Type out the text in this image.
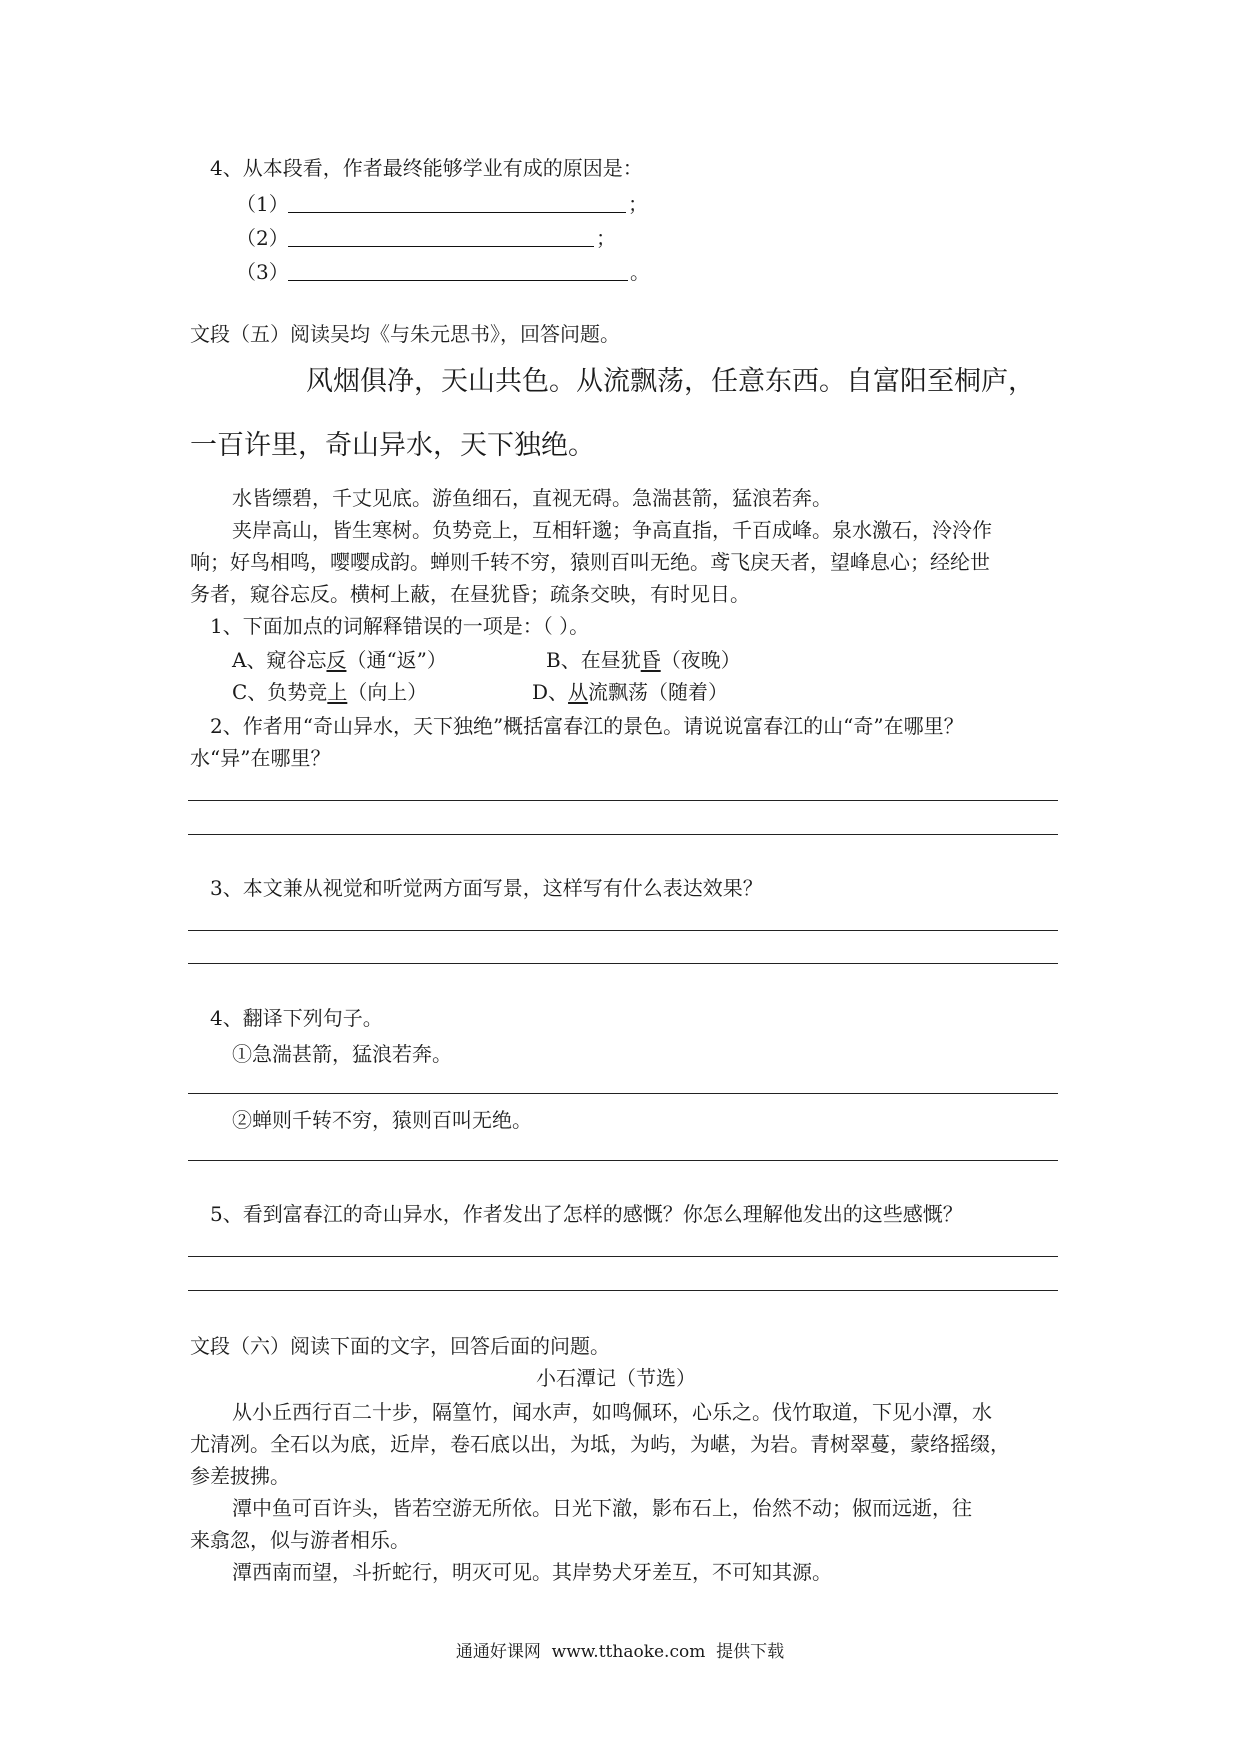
4、从本段看，作者最终能够学业有成的原因是：
（1）	；
（2）	；
（3）	。
文段（五）阅读吴均《与朱元思书》，回答问题。
风烟俱净，天山共色。从流飘荡，任意东西。自富阳至桐庐，
一百许里，奇山异水，天下独绝。
水皆缥碧，千丈见底。游鱼细石，直视无碍。急湍甚箭，猛浪若奔。
夹岸高山，皆生寒树。负势竞上，互相轩邈；争高直指，千百成峰。泉水激石，泠泠作
响；好鸟相鸣，嘤嘤成韵。蝉则千转不穷，猿则百叫无绝。鸢飞戾天者，望峰息心；经纶世
务者，窥谷忘反。横柯上蔽，在昼犹昏；疏条交映，有时见日。
1、下面加点的词解释错误的一项是：（ ）。
A、窥谷忘反（通“返”）	B、在昼犹昏（夜晚）
C、负势竞上（向上）	D、从流飘荡（随着）
2、作者用“奇山异水，天下独绝”概括富春江的景色。请说说富春江的山“奇”在哪里？
水“异”在哪里？
3、本文兼从视觉和听觉两方面写景，这样写有什么表达效果？
4、翻译下列句子。
①急湍甚箭，猛浪若奔。
②蝉则千转不穷，猿则百叫无绝。
5、看到富春江的奇山异水，作者发出了怎样的感慨？你怎么理解他发出的这些感慨？
文段（六）阅读下面的文字，回答后面的问题。
小石潭记（节选）
从小丘西行百二十步，隔篁竹，闻水声，如鸣佩环，心乐之。伐竹取道，下见小潭，水
尤清冽。全石以为底，近岸，卷石底以出，为坻，为屿，为嵁，为岩。青树翠蔓，蒙络摇缀，
参差披拂。
潭中鱼可百许头，皆若空游无所依。日光下澈，影布石上，佁然不动；俶而远逝，往
来翕忽，似与游者相乐。
潭西南而望，斗折蛇行，明灭可见。其岸势犬牙差互，不可知其源。
通通好课网  www.tthaoke.com  提供下载
